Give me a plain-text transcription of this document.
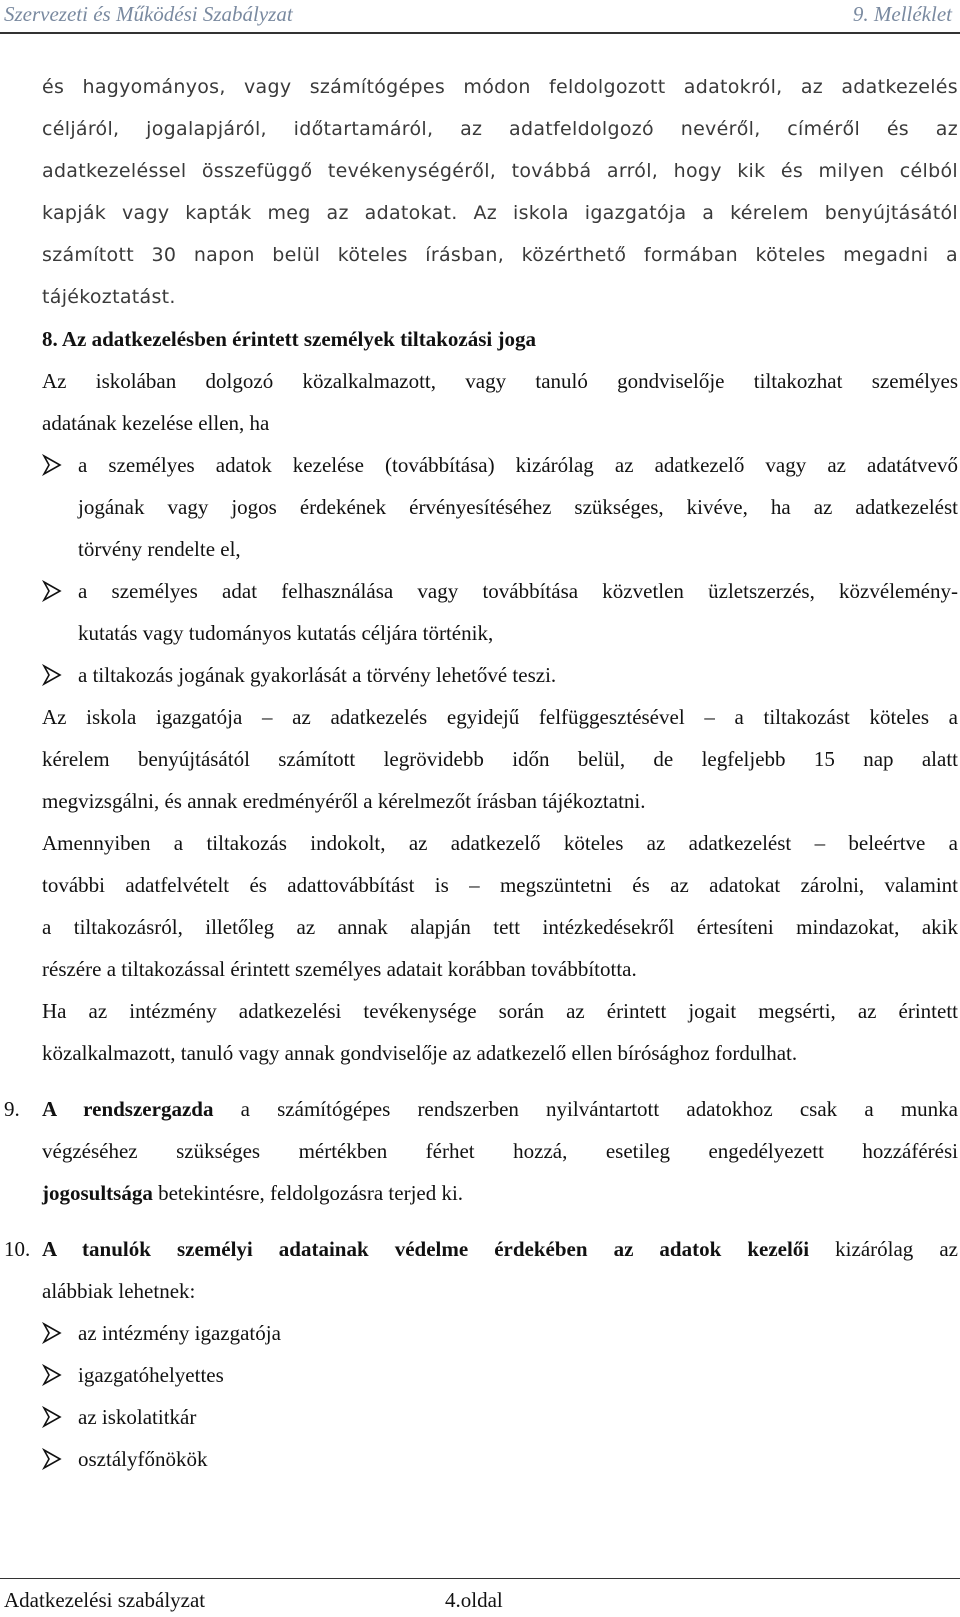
Szervezeti és Működési Szabályzat	9. Melléklet
és hagyományos, vagy számítógépes módon feldolgozott adatokról, az adatkezelés
céljáról, jogalapjáról, időtartamáról, az adatfeldolgozó nevéről, címéről és az
adatkezeléssel összefüggő tevékenységéről, továbbá arról, hogy kik és milyen célból
kapják vagy kapták meg az adatokat. Az iskola igazgatója a kérelem benyújtásától
számított 30 napon belül köteles írásban, közérthető formában köteles megadni a
tájékoztatást.
8. Az adatkezelésben érintett személyek tiltakozási joga
Az iskolában dolgozó közalkalmazott, vagy tanuló gondviselője tiltakozhat személyes
adatának kezelése ellen, ha
a személyes adatok kezelése (továbbítása) kizárólag az adatkezelő vagy az adatátvevő
jogának vagy jogos érdekének érvényesítéséhez szükséges, kivéve, ha az adatkezelést
törvény rendelte el,
a személyes adat felhasználása vagy továbbítása közvetlen üzletszerzés, közvélemény-
kutatás vagy tudományos kutatás céljára történik,
a tiltakozás jogának gyakorlását a törvény lehetővé teszi.
Az iskola igazgatója – az adatkezelés egyidejű felfüggesztésével – a tiltakozást köteles a
kérelem benyújtásától számított legrövidebb időn belül, de legfeljebb 15 nap alatt
megvizsgálni, és annak eredményéről a kérelmezőt írásban tájékoztatni.
Amennyiben a tiltakozás indokolt, az adatkezelő köteles az adatkezelést – beleértve a
további adatfelvételt és adattovábbítást is – megszüntetni és az adatokat zárolni, valamint
a tiltakozásról, illetőleg az annak alapján tett intézkedésekről értesíteni mindazokat, akik
részére a tiltakozással érintett személyes adatait korábban továbbította.
Ha az intézmény adatkezelési tevékenysége során az érintett jogait megsérti, az érintett
közalkalmazott, tanuló vagy annak gondviselője az adatkezelő ellen bírósághoz fordulhat.
9. A rendszergazda a számítógépes rendszerben nyilvántartott adatokhoz csak a munka
végzéséhez szükséges mértékben férhet hozzá, esetileg engedélyezett hozzáférési
jogosultsága betekintésre, feldolgozásra terjed ki.
10. A tanulók személyi adatainak védelme érdekében az adatok kezelői kizárólag az
alábbiak lehetnek:
az intézmény igazgatója
igazgatóhelyettes
az iskolatitkár
osztályfőnökök
Adatkezelési szabályzat	4.oldal
